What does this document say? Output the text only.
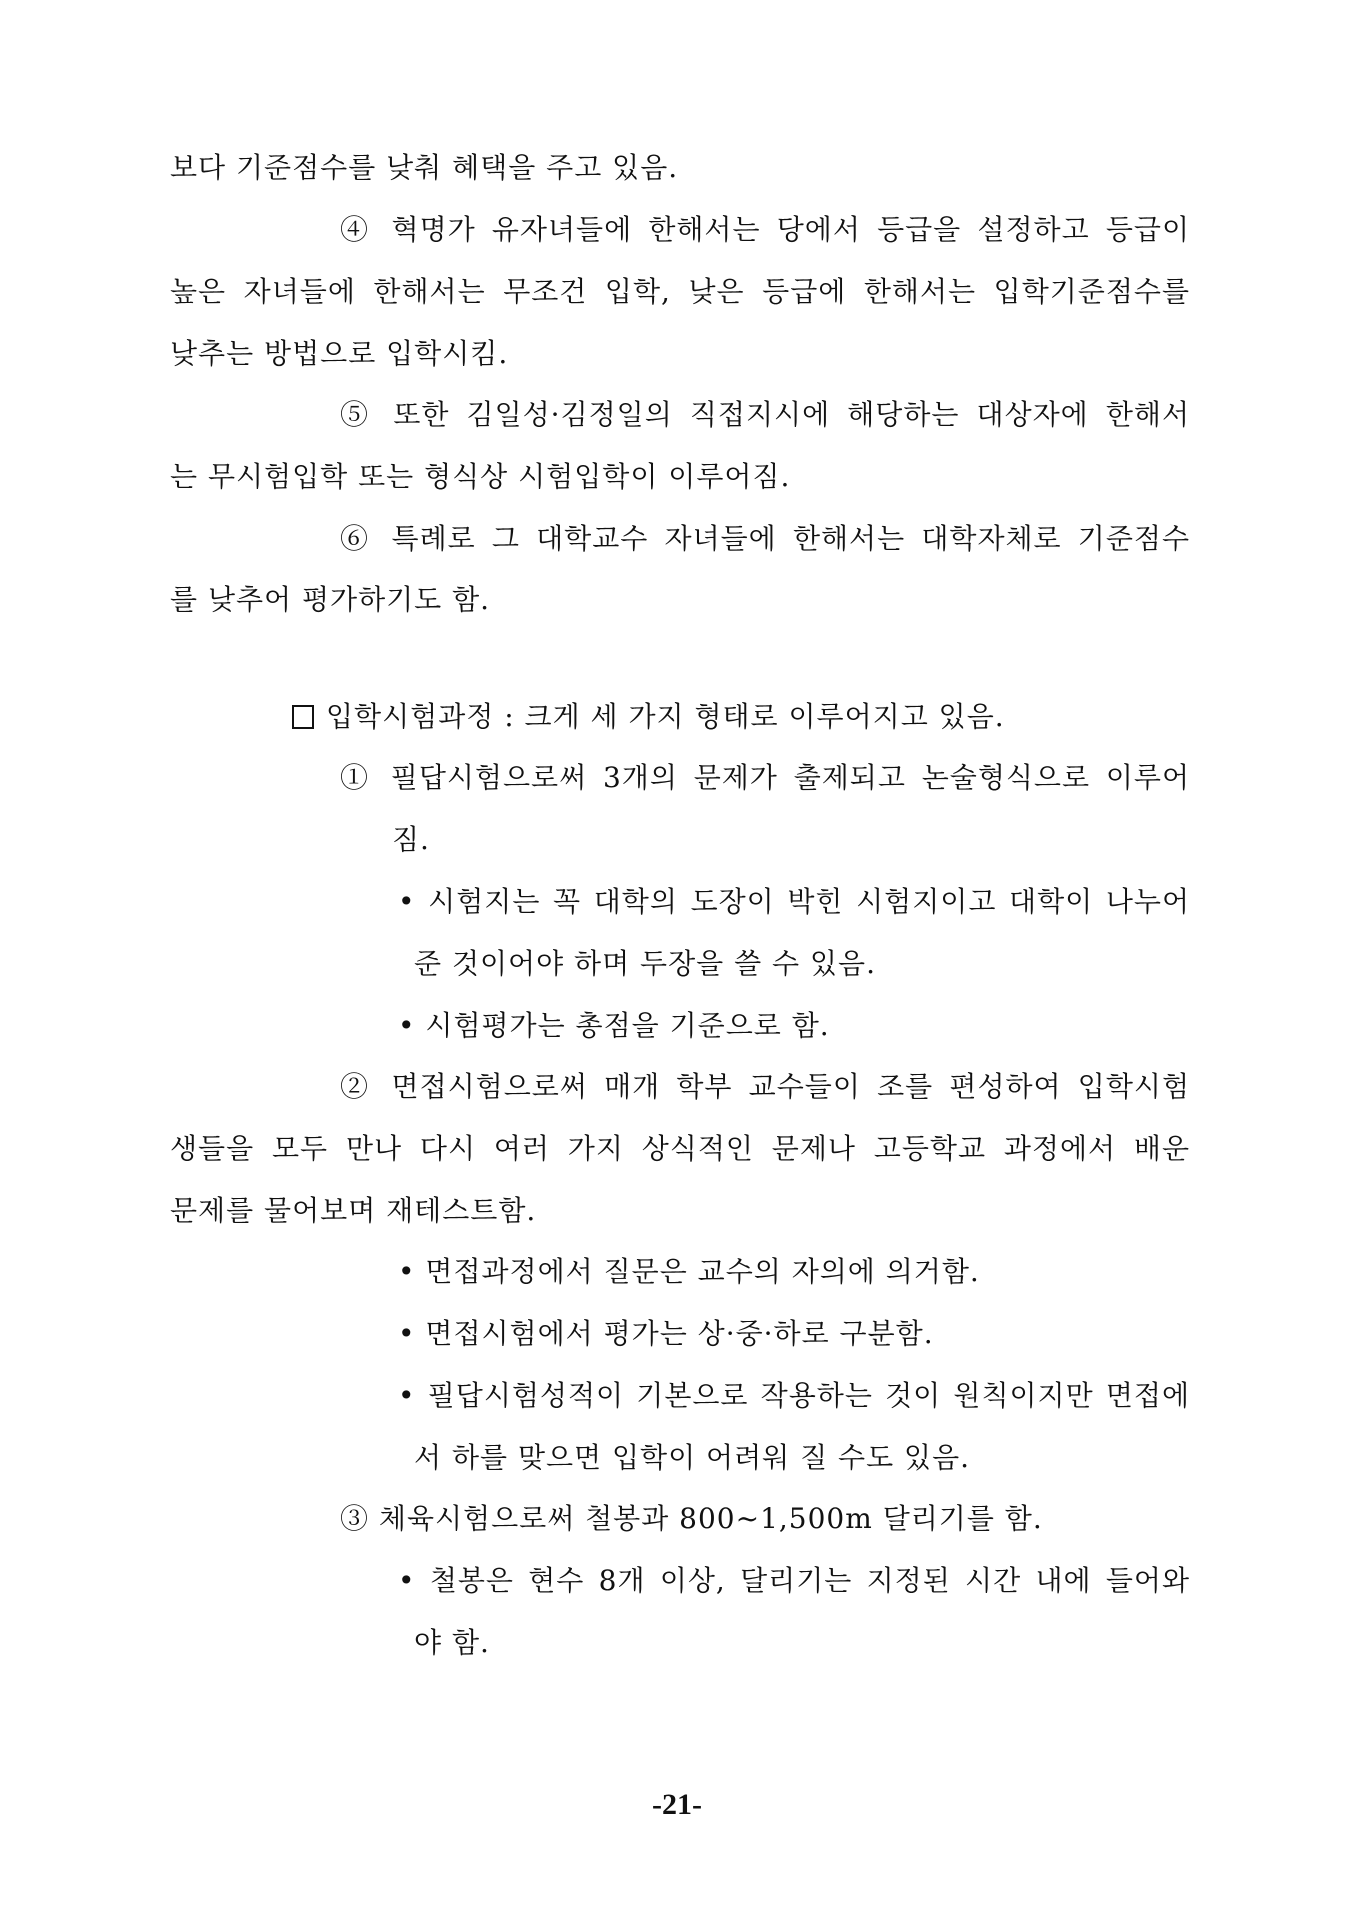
보다 기준점수를 낮춰 혜택을 주고 있음.
④ 혁명가 유자녀들에 한해서는 당에서 등급을 설정하고 등급이
높은 자녀들에 한해서는 무조건 입학, 낮은 등급에 한해서는 입학기준점수를
낮추는 방법으로 입학시킴.
⑤ 또한 김일성·김정일의 직접지시에 해당하는 대상자에 한해서
는 무시험입학 또는 형식상 시험입학이 이루어짐.
⑥ 특례로 그 대학교수 자녀들에 한해서는 대학자체로 기준점수
를 낮추어 평가하기도 함.
입학시험과정 : 크게 세 가지 형태로 이루어지고 있음.
① 필답시험으로써 3개의 문제가 출제되고 논술형식으로 이루어
짐.
• 시험지는 꼭 대학의 도장이 박힌 시험지이고 대학이 나누어
준 것이어야 하며 두장을 쓸 수 있음.
• 시험평가는 총점을 기준으로 함.
② 면접시험으로써 매개 학부 교수들이 조를 편성하여 입학시험
생들을 모두 만나 다시 여러 가지 상식적인 문제나 고등학교 과정에서 배운
문제를 물어보며 재테스트함.
• 면접과정에서 질문은 교수의 자의에 의거함.
• 면접시험에서 평가는 상·중·하로 구분함.
• 필답시험성적이 기본으로 작용하는 것이 원칙이지만 면접에
서 하를 맞으면 입학이 어려워 질 수도 있음.
③ 체육시험으로써 철봉과 800~1,500m 달리기를 함.
• 철봉은 현수 8개 이상, 달리기는 지정된 시간 내에 들어와
야 함.
-21-
